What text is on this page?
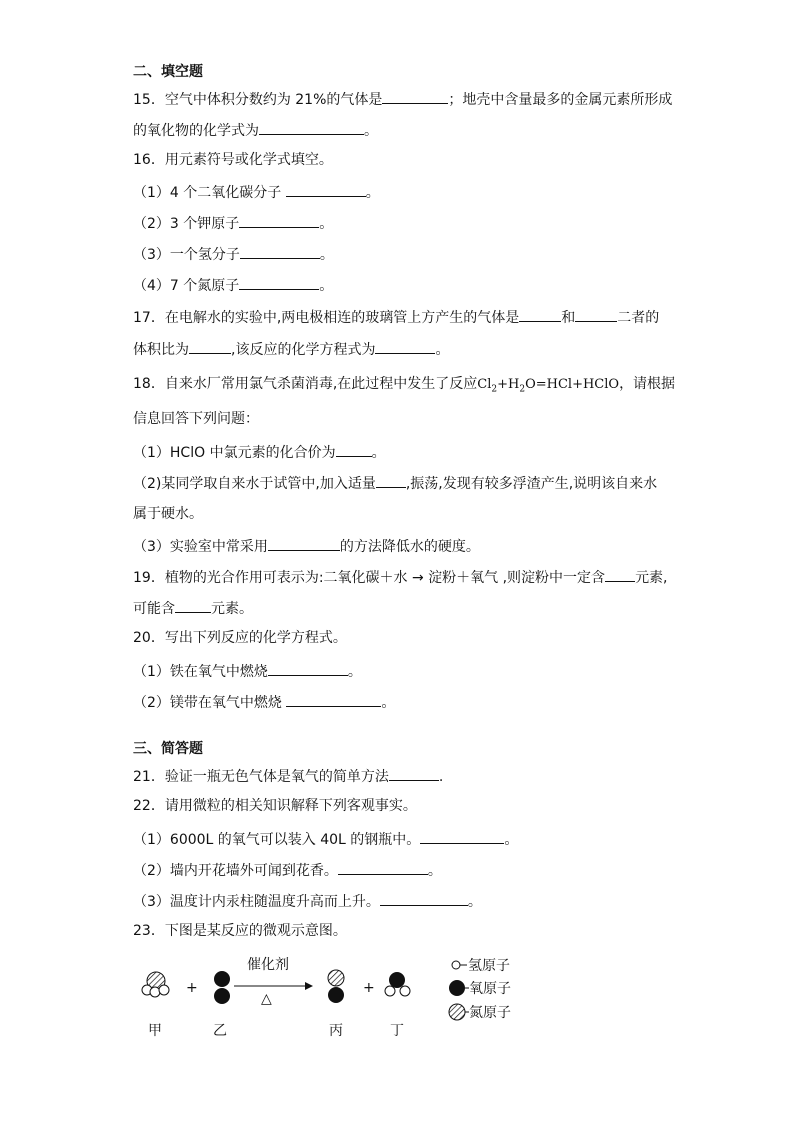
二、填空题
15．空气中体积分数约为 21%的气体是	；地壳中含量最多的金属元素所形成
的氧化物的化学式为	。
16．用元素符号或化学式填空。
（1）4 个二氧化碳分子	。
（2）3 个钾原子	。
（3）一个氢分子	。
（4）7 个氮原子	。
17．在电解水的实验中,两电极相连的玻璃管上方产生的气体是	和	二者的
体积比为	,该反应的化学方程式为	。
18．自来水厂常用氯气杀菌消毒,在此过程中发生了反应$Cl_2+H_2O=HCl+HClO$，请根据
信息回答下列问题：
（1）HClO 中氯元素的化合价为	。
（2)某同学取自来水于试管中,加入适量 ,振荡,发现有较多浮渣产生,说明该自来水
属于硬水。
（3）实验室中常采用	的方法降低水的硬度。
19．植物的光合作用可表示为:二氧化碳＋水 → 淀粉＋氧气 ,则淀粉中一定含 元素,
可能含	元素。
20．写出下列反应的化学方程式。
（1）铁在氧气中燃烧	。
（2）镁带在氧气中燃烧	。
三、简答题
21．验证一瓶无色气体是氧气的简单方法	.
22．请用微粒的相关知识解释下列客观事实。
（1）6000L 的氧气可以装入 40L 的钢瓶中。	。
（2）墙内开花墙外可闻到花香。	。
（3）温度计内汞柱随温度升高而上升。	。
23．下图是某反应的微观示意图。
+
催化剂
△
+
甲	乙	丙	丁
氢原子
氧原子
氮原子
